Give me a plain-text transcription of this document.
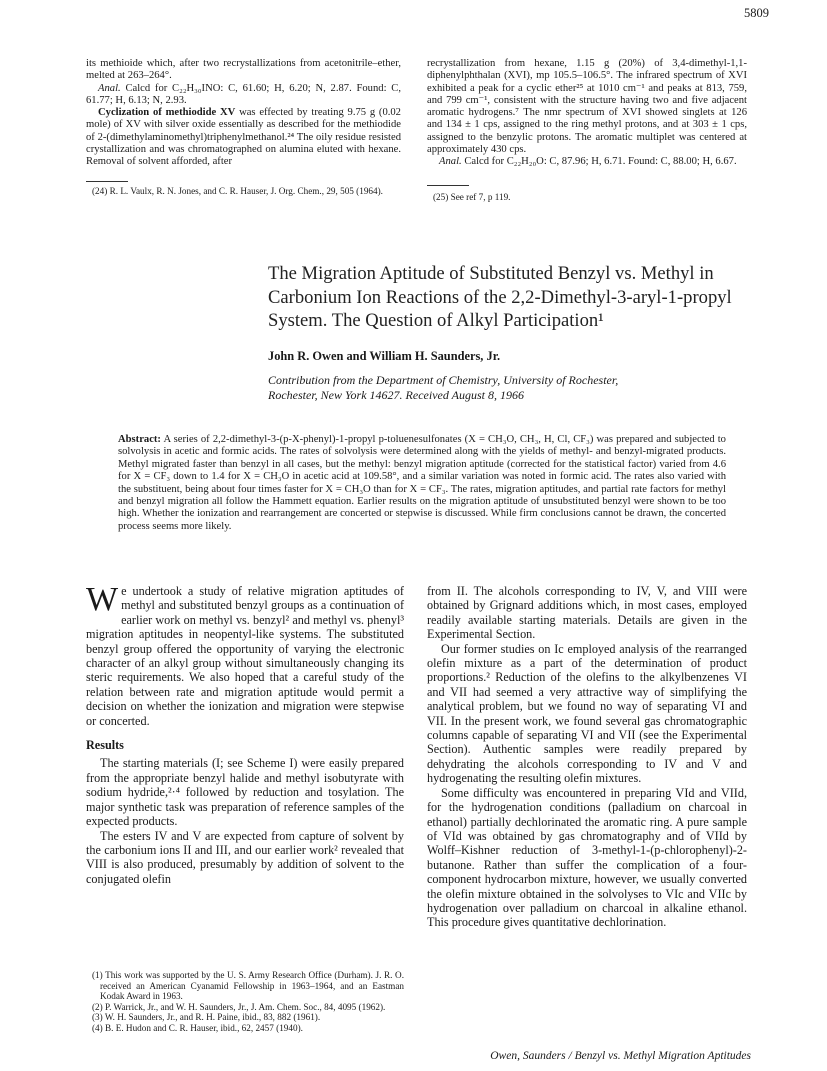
5809

its methioide which, after two recrystallizations from acetonitrile–ether, melted at 263–264°.

Anal. Calcd for C₂₂H₃₀INO: C, 61.60; H, 6.20; N, 2.87. Found: C, 61.77; H, 6.13; N, 2.93.

Cyclization of methiodide XV was effected by treating 9.75 g (0.02 mole) of XV with silver oxide essentially as described for the methiodide of 2-(dimethylaminomethyl)triphenylmethanol.²⁴ The oily residue resisted crystallization and was chromatographed on alumina eluted with hexane. Removal of solvent afforded, after

(24) R. L. Vaulx, R. N. Jones, and C. R. Hauser, J. Org. Chem., 29, 505 (1964).

recrystallization from hexane, 1.15 g (20%) of 3,4-dimethyl-1,1-diphenylphthalan (XVI), mp 105.5–106.5°. The infrared spectrum of XVI exhibited a peak for a cyclic ether²⁵ at 1010 cm⁻¹ and peaks at 813, 759, and 799 cm⁻¹, consistent with the structure having two and five adjacent aromatic hydrogens.⁷ The nmr spectrum of XVI showed singlets at 126 and 134 ± 1 cps, assigned to the ring methyl protons, and at 303 ± 1 cps, assigned to the benzylic protons. The aromatic multiplet was centered at approximately 430 cps.

Anal. Calcd for C₂₂H₂₀O: C, 87.96; H, 6.71. Found: C, 88.00; H, 6.67.

(25) See ref 7, p 119.

The Migration Aptitude of Substituted Benzyl vs. Methyl in Carbonium Ion Reactions of the 2,2-Dimethyl-3-aryl-1-propyl System. The Question of Alkyl Participation¹
John R. Owen and William H. Saunders, Jr.
Contribution from the Department of Chemistry, University of Rochester,
Rochester, New York 14627. Received August 8, 1966
Abstract: A series of 2,2-dimethyl-3-(p-X-phenyl)-1-propyl p-toluenesulfonates (X = CH₃O, CH₃, H, Cl, CF₃) was prepared and subjected to solvolysis in acetic and formic acids. The rates of solvolysis were determined along with the yields of methyl- and benzyl-migrated products. Methyl migrated faster than benzyl in all cases, but the methyl: benzyl migration aptitude (corrected for the statistical factor) varied from 4.6 for X = CF₃ down to 1.4 for X = CH₃O in acetic acid at 109.58°, and a similar variation was noted in formic acid. The rates also varied with the substituent, being about four times faster for X = CH₃O than for X = CF₃. The rates, migration aptitudes, and partial rate factors for methyl and benzyl migration all follow the Hammett equation. Earlier results on the migration aptitude of unsubstituted benzyl were shown to be too high. Whether the ionization and rearrangement are concerted or stepwise is discussed. While firm conclusions cannot be drawn, the concerted process seems more likely.

We undertook a study of relative migration aptitudes of methyl and substituted benzyl groups as a continuation of earlier work on methyl vs. benzyl² and methyl vs. phenyl³ migration aptitudes in neopentyl-like systems. The substituted benzyl group offered the opportunity of varying the electronic character of an alkyl group without simultaneously changing its steric requirements. We also hoped that a careful study of the relation between rate and migration aptitude would permit a decision on whether the ionization and migration were stepwise or concerted.

Results

The starting materials (I; see Scheme I) were easily prepared from the appropriate benzyl halide and methyl isobutyrate with sodium hydride,²·⁴ followed by reduction and tosylation. The major synthetic task was preparation of reference samples of the expected products.

The esters IV and V are expected from capture of solvent by the carbonium ions II and III, and our earlier work² revealed that VIII is also produced, presumably by addition of solvent to the conjugated olefin

(1) This work was supported by the U. S. Army Research Office (Durham). J. R. O. received an American Cyanamid Fellowship in 1963–1964, and an Eastman Kodak Award in 1963.

(2) P. Warrick, Jr., and W. H. Saunders, Jr., J. Am. Chem. Soc., 84, 4095 (1962).

(3) W. H. Saunders, Jr., and R. H. Paine, ibid., 83, 882 (1961).

(4) B. E. Hudon and C. R. Hauser, ibid., 62, 2457 (1940).

from II. The alcohols corresponding to IV, V, and VIII were obtained by Grignard additions which, in most cases, employed readily available starting materials. Details are given in the Experimental Section.

Our former studies on Ic employed analysis of the rearranged olefin mixture as a part of the determination of product proportions.² Reduction of the olefins to the alkylbenzenes VI and VII had seemed a very attractive way of simplifying the analytical problem, but we found no way of separating VI and VII. In the present work, we found several gas chromatographic columns capable of separating VI and VII (see the Experimental Section). Authentic samples were readily prepared by dehydrating the alcohols corresponding to IV and V and hydrogenating the resulting olefin mixtures.

Some difficulty was encountered in preparing VId and VIId, for the hydrogenation conditions (palladium on charcoal in ethanol) partially dechlorinated the aromatic ring. A pure sample of VId was obtained by gas chromatography and of VIId by Wolff–Kishner reduction of 3-methyl-1-(p-chlorophenyl)-2-butanone. Rather than suffer the complication of a four-component hydrocarbon mixture, however, we usually converted the olefin mixture obtained in the solvolyses to VIc and VIIc by hydrogenation over palladium on charcoal in alkaline ethanol. This procedure gives quantitative dechlorination.

Owen, Saunders / Benzyl vs. Methyl Migration Aptitudes
